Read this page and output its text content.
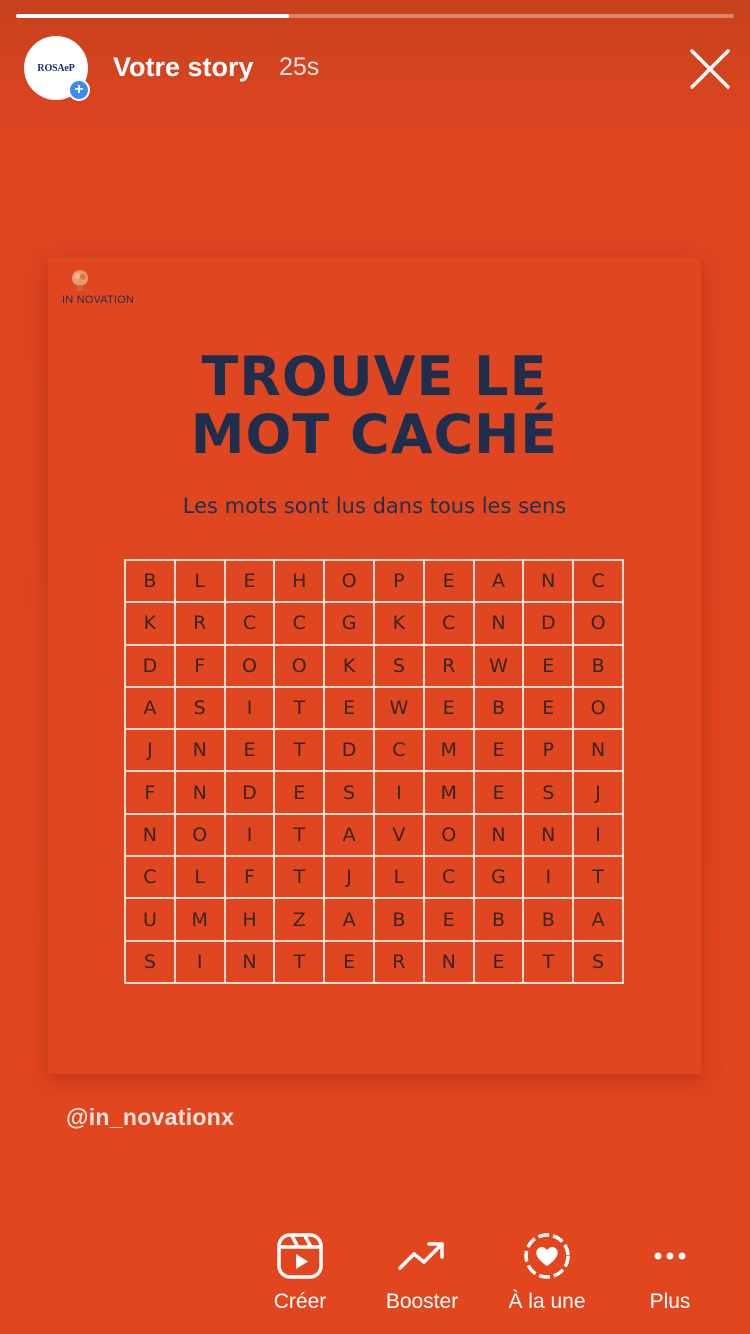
ROSAeP
+
Votre story 25s
IN NOVATION
TROUVE LE
MOT CACHÉ
Les mots sont lus dans tous les sens
B	L	E	H	O	P	E	A	N	C
K	R	C	C	G	K	C	N	D	O
D	F	O	O	K	S	R	W	E	B
A	S	I	T	E	W	E	B	E	O
J	N	E	T	D	C	M	E	P	N
F	N	D	E	S	I	M	E	S	J
N	O	I	T	A	V	O	N	N	I
C	L	F	T	J	L	C	G	I	T
U	M	H	Z	A	B	E	B	B	A
S	I	N	T	E	R	N	E	T	S
@in_novationx
Créer	Booster	À la une	Plus
